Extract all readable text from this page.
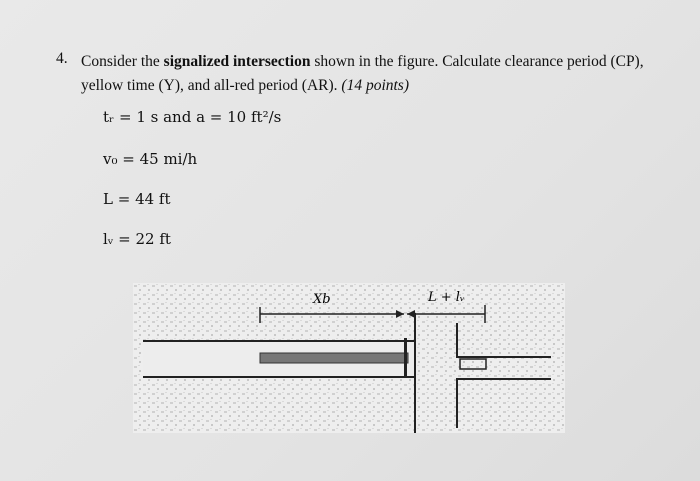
4. Consider the signalized intersection shown in the figure. Calculate clearance period (CP), yellow time (Y), and all-red period (AR). (14 points)
tᵣ = 1 s and a = 10 ft²/s
v₀ = 45 mi/h
L = 44 ft
lᵥ = 22 ft
Xb	L + lᵥ
